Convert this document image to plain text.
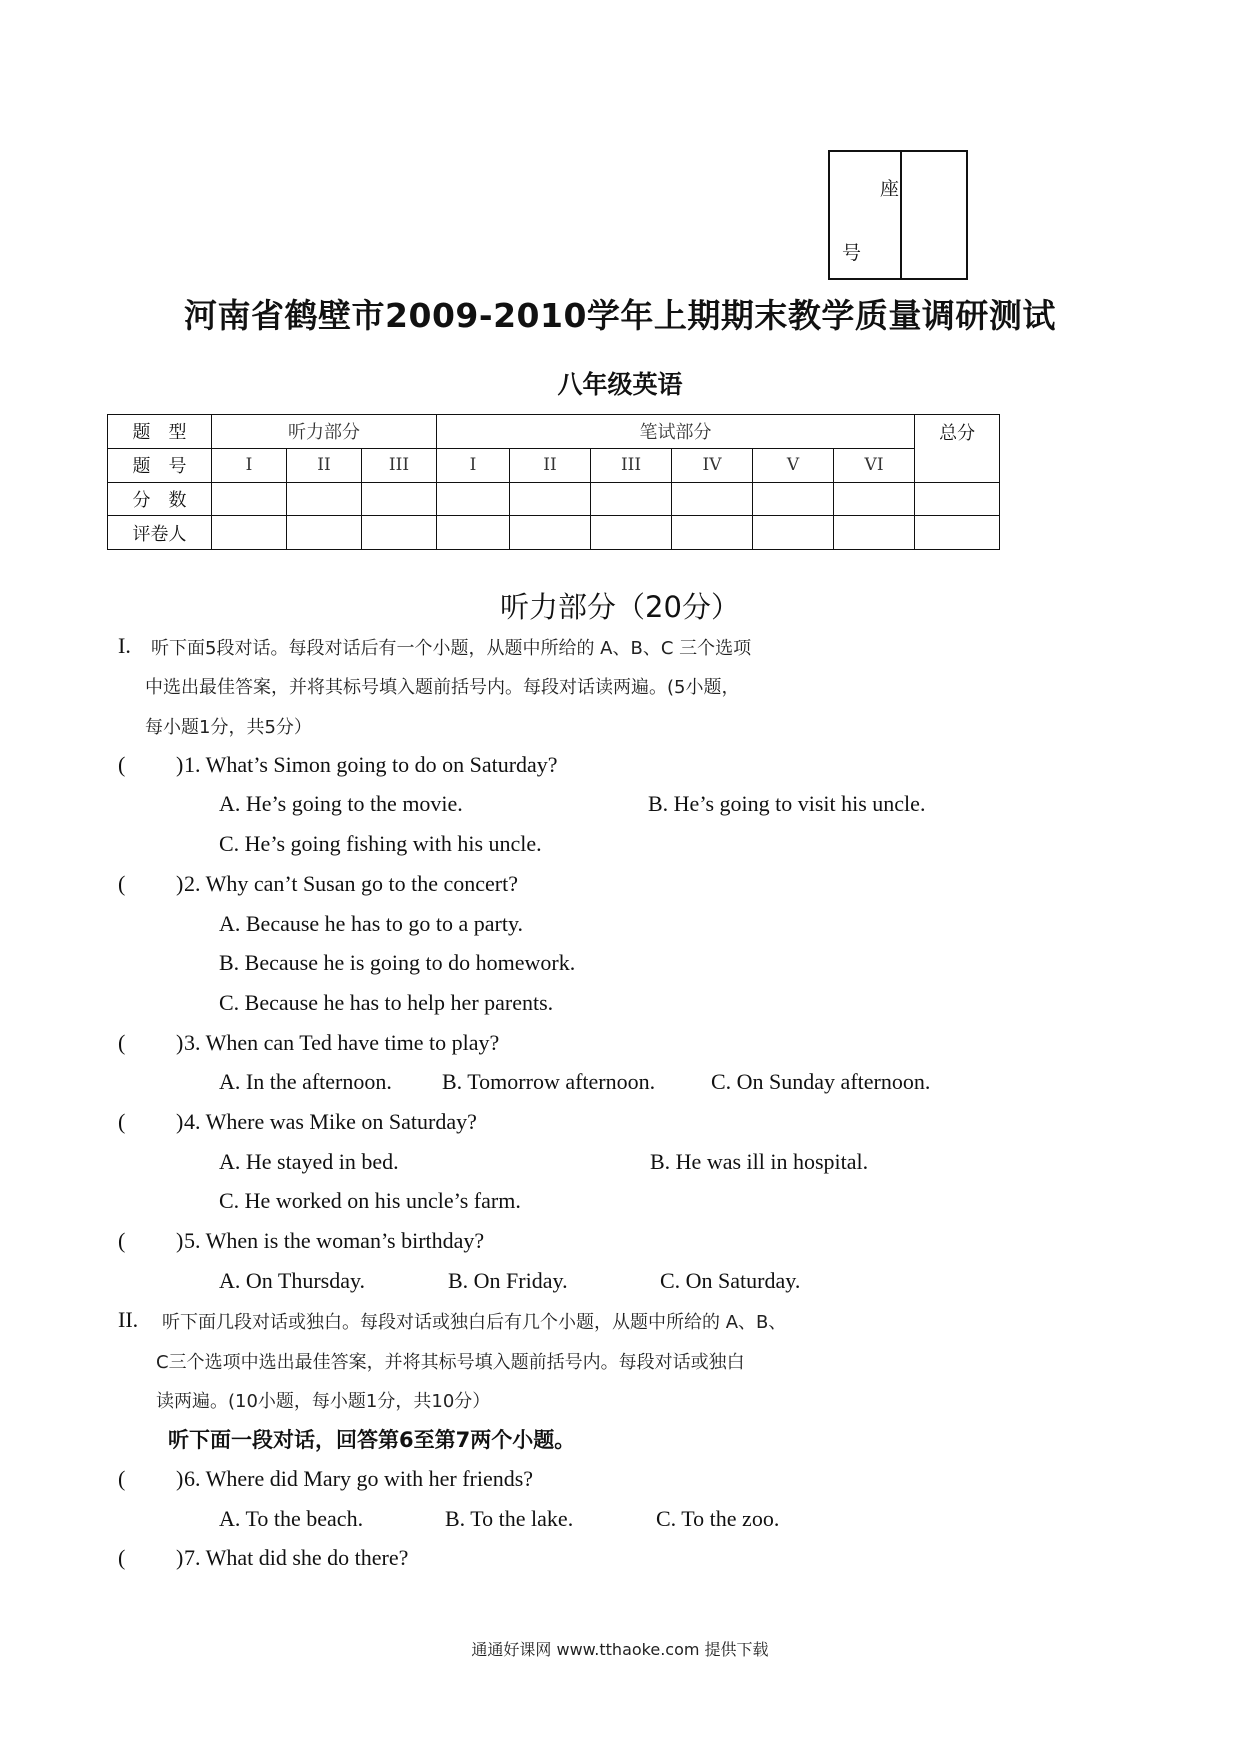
座
号
河南省鹤壁市2009-2010学年上期期末教学质量调研测试
八年级英语
题　型	听力部分			笔试部分						总分
题　号	I	II	III	I	II	III	IV	V	VI	
分　数										
评卷人										
听力部分（20分）
I. 听下面5段对话。每段对话后有一个小题，从题中所给的 A、B、C 三个选项
中选出最佳答案，并将其标号填入题前括号内。每段对话读两遍。(5小题，
每小题1分，共5分）
( ) 1. What’s Simon going to do on Saturday?
A. He’s going to the movie.	B. He’s going to visit his uncle.
C. He’s going fishing with his uncle.
( ) 2. Why can’t Susan go to the concert?
A. Because he has to go to a party.
B. Because he is going to do homework.
C. Because he has to help her parents.
( ) 3. When can Ted have time to play?
A. In the afternoon. B. Tomorrow afternoon.	C. On Sunday afternoon.
( ) 4. Where was Mike on Saturday?
A. He stayed in bed.	B. He was ill in hospital.
C. He worked on his uncle’s farm.
( ) 5. When is the woman’s birthday?
A. On Thursday.	B. On Friday.	C. On Saturday.
II. 听下面几段对话或独白。每段对话或独白后有几个小题，从题中所给的 A、B、
C三个选项中选出最佳答案，并将其标号填入题前括号内。每段对话或独白
读两遍。(10小题，每小题1分，共10分）
听下面一段对话，回答第6至第7两个小题。
( ) 6. Where did Mary go with her friends?
A. To the beach.	B. To the lake.	C. To the zoo.
( ) 7. What did she do there?
通通好课网 www.tthaoke.com 提供下载
